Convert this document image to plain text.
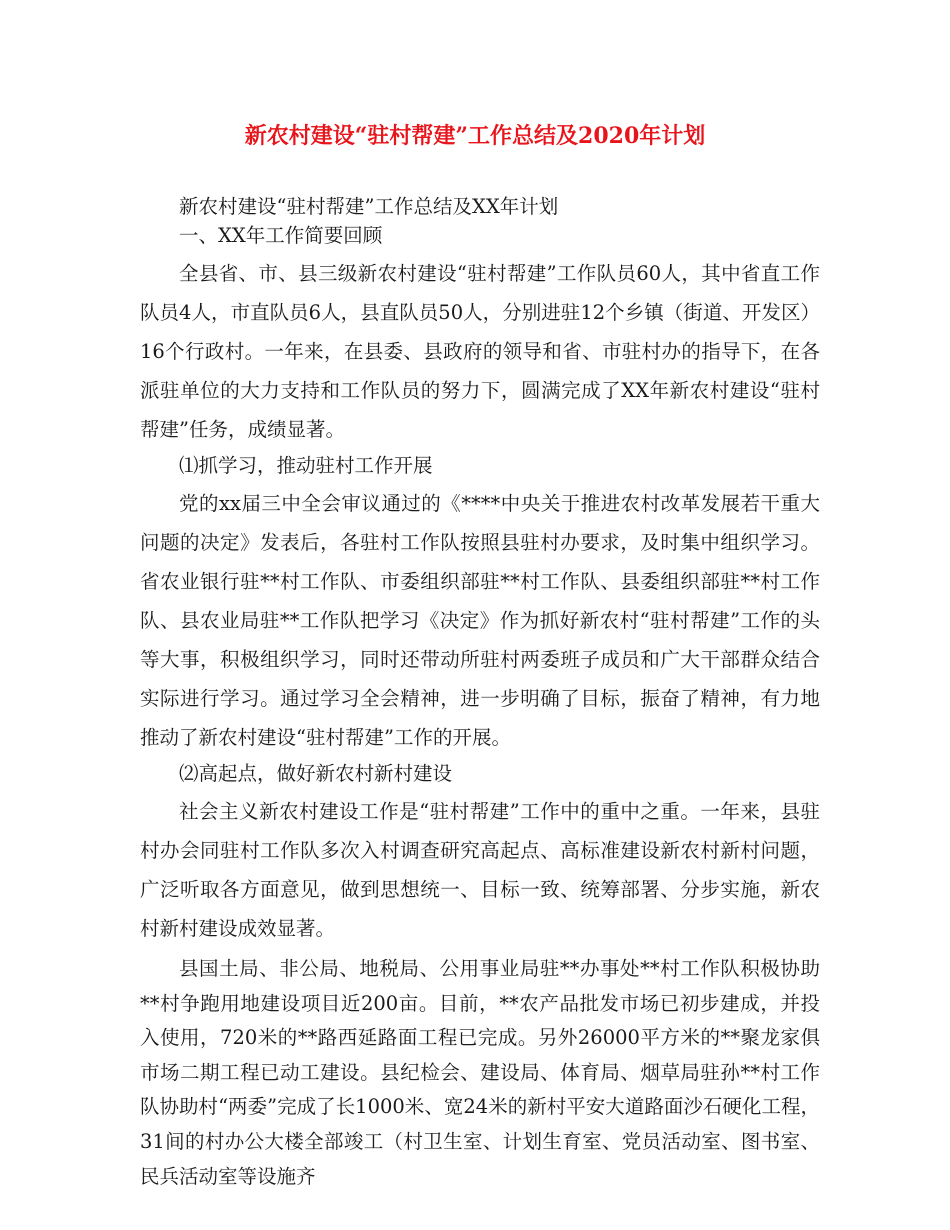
新农村建设“驻村帮建”工作总结及2020年计划

新农村建设“驻村帮建”工作总结及XX年计划

一、XX年工作简要回顾

全县省、市、县三级新农村建设“驻村帮建”工作队员60人，其中省直工作队员4人，市直队员6人，县直队员50人，分别进驻12个乡镇（街道、开发区）16个行政村。一年来，在县委、县政府的领导和省、市驻村办的指导下，在各派驻单位的大力支持和工作队员的努力下，圆满完成了XX年新农村建设“驻村帮建”任务，成绩显著。

⑴抓学习，推动驻村工作开展

党的xx届三中全会审议通过的《****中央关于推进农村改革发展若干重大问题的决定》发表后，各驻村工作队按照县驻村办要求，及时集中组织学习。省农业银行驻**村工作队、市委组织部驻**村工作队、县委组织部驻**村工作队、县农业局驻**工作队把学习《决定》作为抓好新农村“驻村帮建”工作的头等大事，积极组织学习，同时还带动所驻村两委班子成员和广大干部群众结合实际进行学习。通过学习全会精神，进一步明确了目标，振奋了精神，有力地推动了新农村建设“驻村帮建”工作的开展。

⑵高起点，做好新农村新村建设

社会主义新农村建设工作是“驻村帮建”工作中的重中之重。一年来，县驻村办会同驻村工作队多次入村调查研究高起点、高标准建设新农村新村问题，广泛听取各方面意见，做到思想统一、目标一致、统筹部署、分步实施，新农村新村建设成效显著。

县国土局、非公局、地税局、公用事业局驻**办事处**村工作队积极协助**村争跑用地建设项目近200亩。目前，**农产品批发市场已初步建成，并投入使用，720米的**路西延路面工程已完成。另外26000平方米的**聚龙家俱市场二期工程已动工建设。县纪检会、建设局、体育局、烟草局驻孙**村工作队协助村“两委”完成了长1000米、宽24米的新村平安大道路面沙石硬化工程，31间的村办公大楼全部竣工（村卫生室、计划生育室、党员活动室、图书室、民兵活动室等设施齐
